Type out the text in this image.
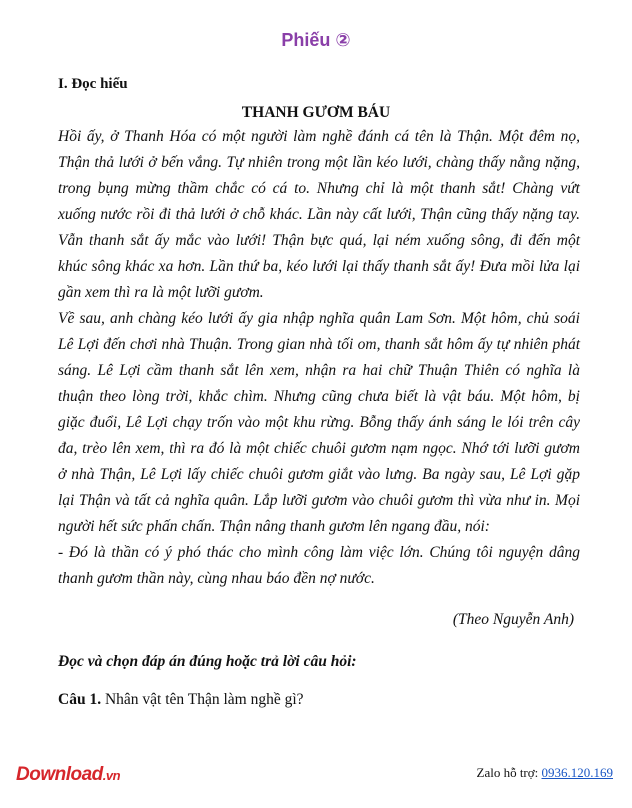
Phiếu ②
I. Đọc hiểu
THANH GƯƠM BÁU
Hồi ấy, ở Thanh Hóa có một người làm nghề đánh cá tên là Thận. Một đêm nọ,
Thận thả lưới ở bến vắng. Tự nhiên trong một lần kéo lưới, chàng thấy nằng nặng,
trong bụng mừng thầm chắc có cá to. Nhưng chỉ là một thanh sắt! Chàng vứt
xuống nước rồi đi thả lưới ở chỗ khác. Lần này cất lưới, Thận cũng thấy nặng tay.
Vẫn thanh sắt ấy mắc vào lưới! Thận bực quá, lại ném xuống sông, đi đến một
khúc sông khác xa hơn. Lần thứ ba, kéo lưới lại thấy thanh sắt ấy! Đưa mồi lửa lại
gần xem thì ra là một lưỡi gươm.
Về sau, anh chàng kéo lưới ấy gia nhập nghĩa quân Lam Sơn. Một hôm, chủ soái
Lê Lợi đến chơi nhà Thuận. Trong gian nhà tối om, thanh sắt hôm ấy tự nhiên phát
sáng. Lê Lợi cầm thanh sắt lên xem, nhận ra hai chữ Thuận Thiên có nghĩa là
thuận theo lòng trời, khắc chìm. Nhưng cũng chưa biết là vật báu. Một hôm, bị
giặc đuổi, Lê Lợi chạy trốn vào một khu rừng. Bỗng thấy ánh sáng le lói trên cây
đa, trèo lên xem, thì ra đó là một chiếc chuôi gươm nạm ngọc. Nhớ tới lưỡi gươm
ở nhà Thận, Lê Lợi lấy chiếc chuôi gươm giắt vào lưng. Ba ngày sau, Lê Lợi gặp
lại Thận và tất cả nghĩa quân. Lắp lưỡi gươm vào chuôi gươm thì vừa như in. Mọi
người hết sức phấn chấn. Thận nâng thanh gươm lên ngang đầu, nói:
- Đó là thần có ý phó thác cho mình công làm việc lớn. Chúng tôi nguyện dâng
thanh gươm thần này, cùng nhau báo đền nợ nước.
(Theo Nguyễn Anh)
Đọc và chọn đáp án đúng hoặc trả lời câu hỏi:
Câu 1. Nhân vật tên Thận làm nghề gì?
Download.vn	Zalo hỗ trợ: 0936.120.169
